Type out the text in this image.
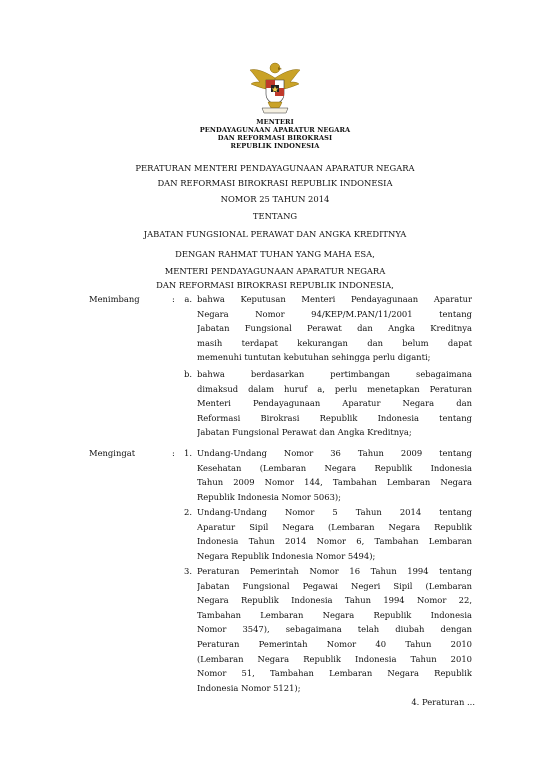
MENTERI
PENDAYAGUNAAN APARATUR NEGARA
DAN REFORMASI BIROKRASI
REPUBLIK INDONESIA
PERATURAN MENTERI PENDAYAGUNAAN APARATUR NEGARA
DAN REFORMASI BIROKRASI REPUBLIK INDONESIA
NOMOR 25 TAHUN 2014
TENTANG
JABATAN FUNGSIONAL PERAWAT DAN ANGKA KREDITNYA
DENGAN RAHMAT TUHAN YANG MAHA ESA,
MENTERI PENDAYAGUNAAN APARATUR NEGARA
DAN REFORMASI BIROKRASI REPUBLIK INDONESIA,
Menimbang	:	a. bahwa Keputusan Menteri Pendayagunaan Aparatur
Negara Nomor 94/KEP/M.PAN/11/2001 tentang
Jabatan Fungsional Perawat dan Angka Kreditnya
masih terdapat kekurangan dan belum dapat
memenuhi tuntutan kebutuhan sehingga perlu diganti;
b. bahwa berdasarkan pertimbangan sebagaimana
dimaksud dalam huruf a, perlu menetapkan Peraturan
Menteri Pendayagunaan Aparatur Negara dan
Reformasi Birokrasi Republik Indonesia tentang
Jabatan Fungsional Perawat dan Angka Kreditnya;
Mengingat	:	1. Undang-Undang Nomor 36 Tahun 2009 tentang
Kesehatan (Lembaran Negara Republik Indonesia
Tahun 2009 Nomor 144, Tambahan Lembaran Negara
Republik Indonesia Nomor 5063);
2. Undang-Undang Nomor 5 Tahun 2014 tentang
Aparatur Sipil Negara (Lembaran Negara Republik
Indonesia Tahun 2014 Nomor 6, Tambahan Lembaran
Negara Republik Indonesia Nomor 5494);
3. Peraturan Pemerintah Nomor 16 Tahun 1994 tentang
Jabatan Fungsional Pegawai Negeri Sipil (Lembaran
Negara Republik Indonesia Tahun 1994 Nomor 22,
Tambahan Lembaran Negara Republik Indonesia
Nomor 3547), sebagaimana telah diubah dengan
Peraturan Pemerintah Nomor 40 Tahun 2010
(Lembaran Negara Republik Indonesia Tahun 2010
Nomor 51, Tambahan Lembaran Negara Republik
Indonesia Nomor 5121);
4. Peraturan ...
